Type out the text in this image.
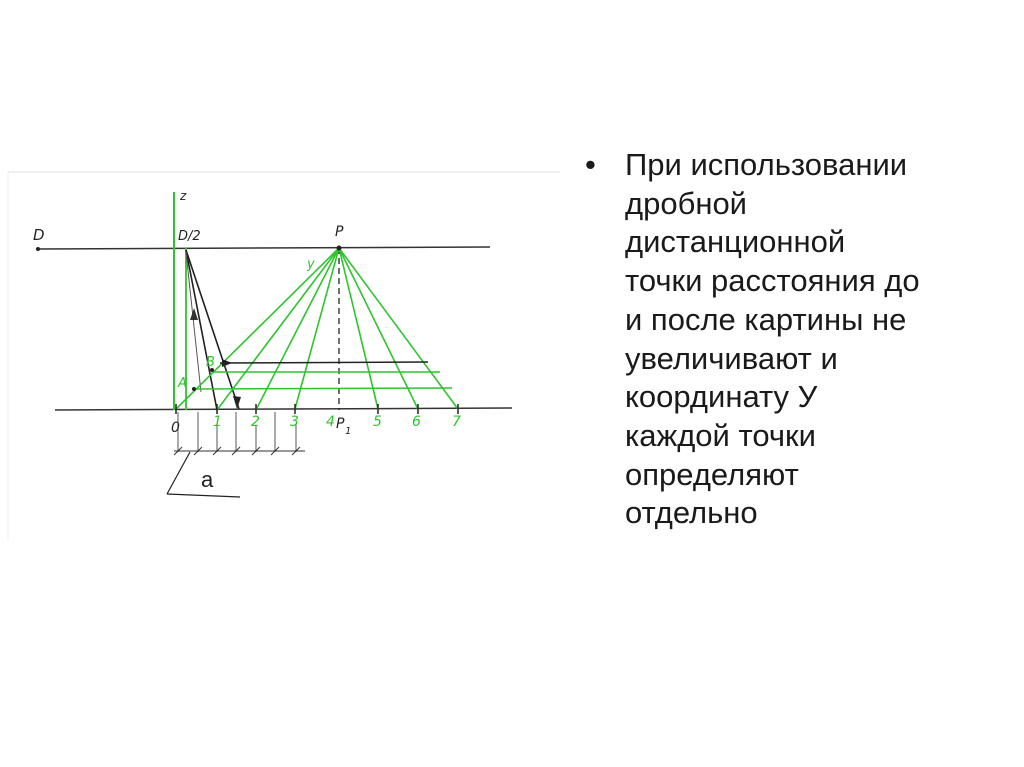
z
D	D/2	P
y
B
A
0 1 2 3 4 P 1
5 6 7
a
• При использовании
дробной
дистанционной
точки расстояния до
и после картины не
увеличивают и
координату У
каждой точки
определяют
отдельно
